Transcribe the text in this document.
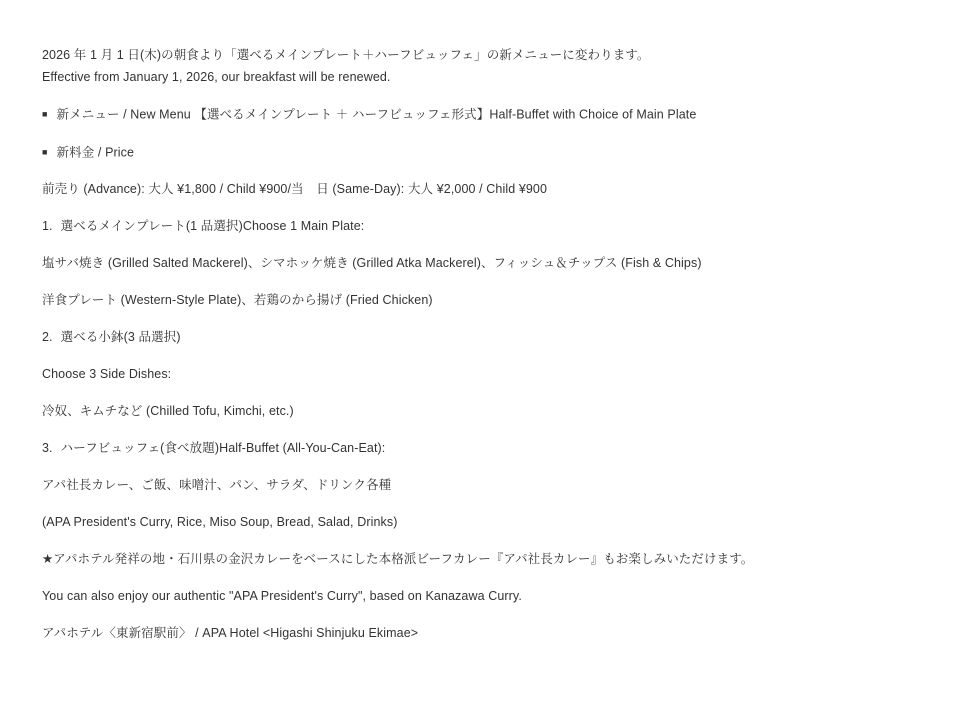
2026 年 1 月 1 日(木)の朝食より「選べるメインプレート＋ハーフビュッフェ」の新メニューに変わります。
Effective from January 1, 2026, our breakfast will be renewed.

■ 新メニュー / New Menu 【選べるメインプレート ＋ ハーフビュッフェ形式】Half-Buffet with Choice of Main Plate

■ 新料金 / Price

前売り (Advance): 大人 ¥1,800 / Child ¥900/当　日 (Same-Day): 大人 ¥2,000 / Child ¥900

1. 選べるメインプレート(1 品選択)Choose 1 Main Plate:

塩サバ焼き (Grilled Salted Mackerel)、シマホッケ焼き (Grilled Atka Mackerel)、フィッシュ＆チップス (Fish & Chips)

洋食プレート (Western-Style Plate)、若鶏のから揚げ (Fried Chicken)

2. 選べる小鉢(3 品選択)

Choose 3 Side Dishes:

冷奴、キムチなど (Chilled Tofu, Kimchi, etc.)

3. ハーフビュッフェ(食べ放題)Half-Buffet (All-You-Can-Eat):

アパ社長カレー、ご飯、味噌汁、パン、サラダ、ドリンク各種

(APA President's Curry, Rice, Miso Soup, Bread, Salad, Drinks)

★アパホテル発祥の地・石川県の金沢カレーをベースにした本格派ビーフカレー『アパ社長カレー』もお楽しみいただけます。

You can also enjoy our authentic "APA President's Curry", based on Kanazawa Curry.

アパホテル〈東新宿駅前〉 / APA Hotel <Higashi Shinjuku Ekimae>
